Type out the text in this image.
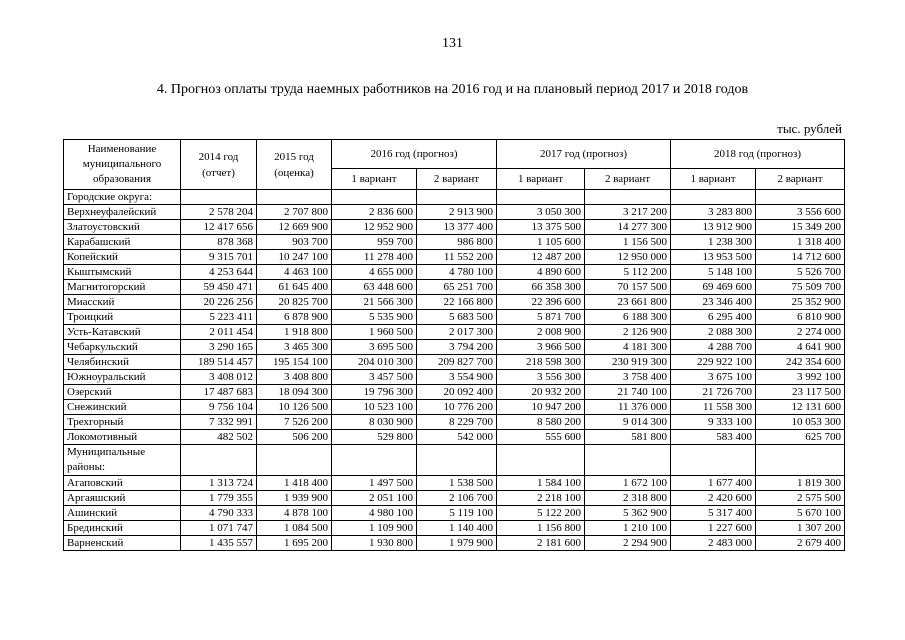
131
4. Прогноз оплаты труда наемных работников на 2016 год и на плановый период 2017 и 2018 годов
тыс. рублей
Наименование муниципального образования	2014 год (отчет)	2015 год (оценка)	2016 год (прогноз)		2017 год (прогноз)		2018 год (прогноз)	
			1 вариант	2 вариант	1 вариант	2 вариант	1 вариант	2 вариант
Городские округа:								
Верхнеуфалейский	2 578 204	2 707 800	2 836 600	2 913 900	3 050 300	3 217 200	3 283 800	3 556 600
Златоустовский	12 417 656	12 669 900	12 952 900	13 377 400	13 375 500	14 277 300	13 912 900	15 349 200
Карабашский	878 368	903 700	959 700	986 800	1 105 600	1 156 500	1 238 300	1 318 400
Копейский	9 315 701	10 247 100	11 278 400	11 552 200	12 487 200	12 950 000	13 953 500	14 712 600
Кыштымский	4 253 644	4 463 100	4 655 000	4 780 100	4 890 600	5 112 200	5 148 100	5 526 700
Магнитогорский	59 450 471	61 645 400	63 448 600	65 251 700	66 358 300	70 157 500	69 469 600	75 509 700
Миасский	20 226 256	20 825 700	21 566 300	22 166 800	22 396 600	23 661 800	23 346 400	25 352 900
Троицкий	5 223 411	6 878 900	5 535 900	5 683 500	5 871 700	6 188 300	6 295 400	6 810 900
Усть-Катавский	2 011 454	1 918 800	1 960 500	2 017 300	2 008 900	2 126 900	2 088 300	2 274 000
Чебаркульский	3 290 165	3 465 300	3 695 500	3 794 200	3 966 500	4 181 300	4 288 700	4 641 900
Челябинский	189 514 457	195 154 100	204 010 300	209 827 700	218 598 300	230 919 300	229 922 100	242 354 600
Южноуральский	3 408 012	3 408 800	3 457 500	3 554 900	3 556 300	3 758 400	3 675 100	3 992 100
Озерский	17 487 683	18 094 300	19 796 300	20 092 400	20 932 200	21 740 100	21 726 700	23 117 500
Снежинский	9 756 104	10 126 500	10 523 100	10 776 200	10 947 200	11 376 000	11 558 300	12 131 600
Трехгорный	7 332 991	7 526 200	8 030 900	8 229 700	8 580 200	9 014 300	9 333 100	10 053 300
Локомотивный	482 502	506 200	529 800	542 000	555 600	581 800	583 400	625 700
Муниципальные районы:								
Агаповский	1 313 724	1 418 400	1 497 500	1 538 500	1 584 100	1 672 100	1 677 400	1 819 300
Аргаяшский	1 779 355	1 939 900	2 051 100	2 106 700	2 218 100	2 318 800	2 420 600	2 575 500
Ашинский	4 790 333	4 878 100	4 980 100	5 119 100	5 122 200	5 362 900	5 317 400	5 670 100
Брединский	1 071 747	1 084 500	1 109 900	1 140 400	1 156 800	1 210 100	1 227 600	1 307 200
Варненский	1 435 557	1 695 200	1 930 800	1 979 900	2 181 600	2 294 900	2 483 000	2 679 400
